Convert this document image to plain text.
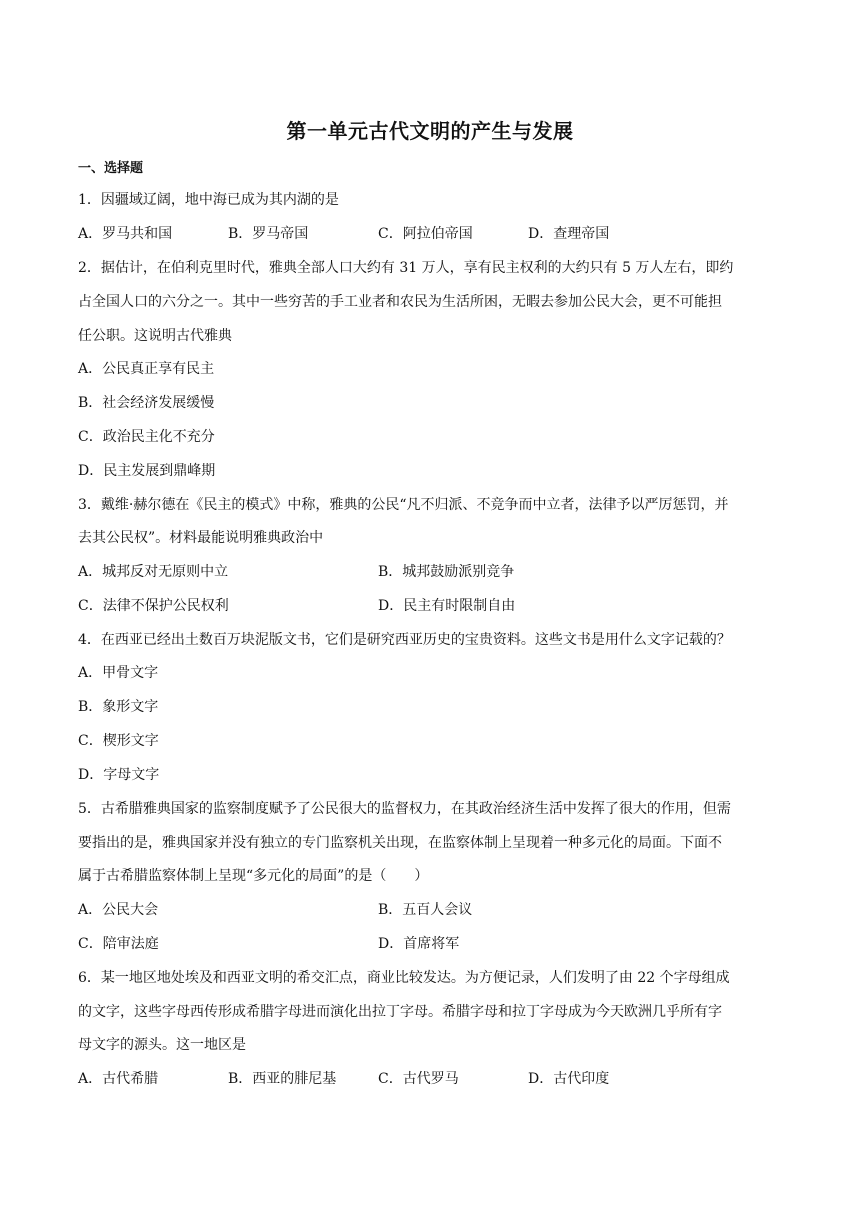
第一单元古代文明的产生与发展
一、选择题
1．因疆域辽阔，地中海已成为其内湖的是
A．罗马共和国	B．罗马帝国	C．阿拉伯帝国	D．查理帝国
2．据估计，在伯利克里时代，雅典全部人口大约有 31 万人，享有民主权利的大约只有 5 万人左右，即约
占全国人口的六分之一。其中一些穷苦的手工业者和农民为生活所困，无暇去参加公民大会，更不可能担
任公职。这说明古代雅典
A．公民真正享有民主
B．社会经济发展缓慢
C．政治民主化不充分
D．民主发展到鼎峰期
3．戴维·赫尔德在《民主的模式》中称，雅典的公民“凡不归派、不竞争而中立者，法律予以严厉惩罚，并
去其公民权”。材料最能说明雅典政治中
A．城邦反对无原则中立	B．城邦鼓励派别竞争
C．法律不保护公民权利	D．民主有时限制自由
4．在西亚已经出土数百万块泥版文书，它们是研究西亚历史的宝贵资料。这些文书是用什么文字记载的？
A．甲骨文字
B．象形文字
C．楔形文字
D．字母文字
5．古希腊雅典国家的监察制度赋予了公民很大的监督权力，在其政治经济生活中发挥了很大的作用，但需
要指出的是，雅典国家并没有独立的专门监察机关出现，在监察体制上呈现着一种多元化的局面。下面不
属于古希腊监察体制上呈现“多元化的局面”的是（　　）
A．公民大会	B．五百人会议
C．陪审法庭	D．首席将军
6．某一地区地处埃及和西亚文明的希交汇点，商业比较发达。为方便记录，人们发明了由 22 个字母组成
的文字，这些字母西传形成希腊字母进而演化出拉丁字母。希腊字母和拉丁字母成为今天欧洲几乎所有字
母文字的源头。这一地区是
A．古代希腊	B．西亚的腓尼基	C．古代罗马	D．古代印度
